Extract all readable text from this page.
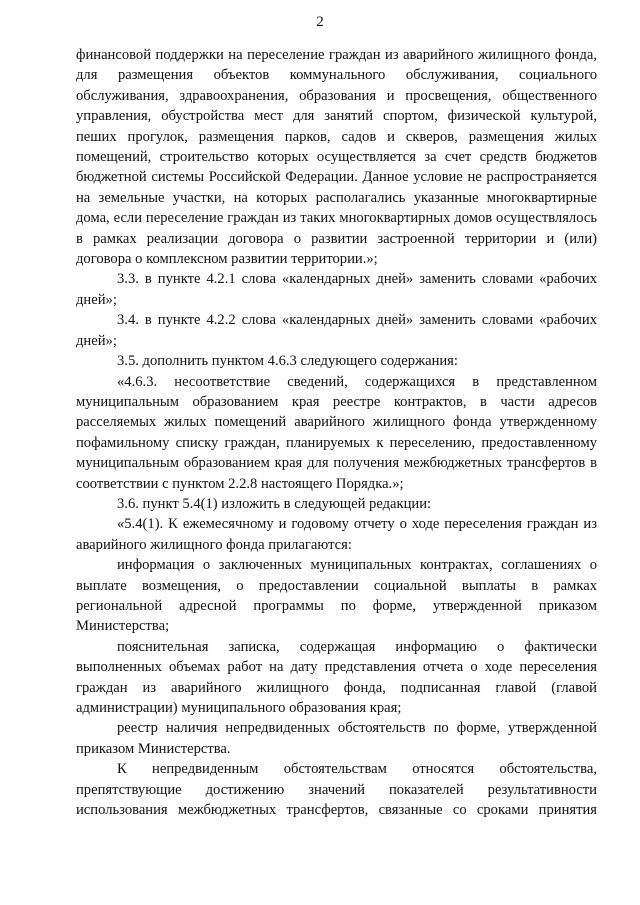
2

финансовой поддержки на переселение граждан из аварийного жилищного фонда, для размещения объектов коммунального обслуживания, социального обслуживания, здравоохранения, образования и просвещения, общественного управления, обустройства мест для занятий спортом, физической культурой, пеших прогулок, размещения парков, садов и скверов, размещения жилых помещений, строительство которых осуществляется за счет средств бюджетов бюджетной системы Российской Федерации. Данное условие не распространяется на земельные участки, на которых располагались указанные многоквартирные дома, если переселение граждан из таких многоквартирных домов осуществлялось в рамках реализации договора о развитии застроенной территории и (или) договора о комплексном развитии территории.»;

3.3. в пункте 4.2.1 слова «календарных дней» заменить словами «рабочих дней»;

3.4. в пункте 4.2.2 слова «календарных дней» заменить словами «рабочих дней»;

3.5. дополнить пунктом 4.6.3 следующего содержания:

«4.6.3. несоответствие сведений, содержащихся в представленном муниципальным образованием края реестре контрактов, в части адресов расселяемых жилых помещений аварийного жилищного фонда утвержденному пофамильному списку граждан, планируемых к переселению, предоставленному муниципальным образованием края для получения межбюджетных трансфертов в соответствии с пунктом 2.2.8 настоящего Порядка.»;

3.6. пункт 5.4(1) изложить в следующей редакции:

«5.4(1). К ежемесячному и годовому отчету о ходе переселения граждан из аварийного жилищного фонда прилагаются:

информация о заключенных муниципальных контрактах, соглашениях о выплате возмещения, о предоставлении социальной выплаты в рамках региональной адресной программы по форме, утвержденной приказом Министерства;

пояснительная записка, содержащая информацию о фактически выполненных объемах работ на дату представления отчета о ходе переселения граждан из аварийного жилищного фонда, подписанная главой (главой администрации) муниципального образования края;

реестр наличия непредвиденных обстоятельств по форме, утвержденной приказом Министерства.

К непредвиденным обстоятельствам относятся обстоятельства, препятствующие достижению значений показателей результативности использования межбюджетных трансфертов, связанные со сроками принятия
